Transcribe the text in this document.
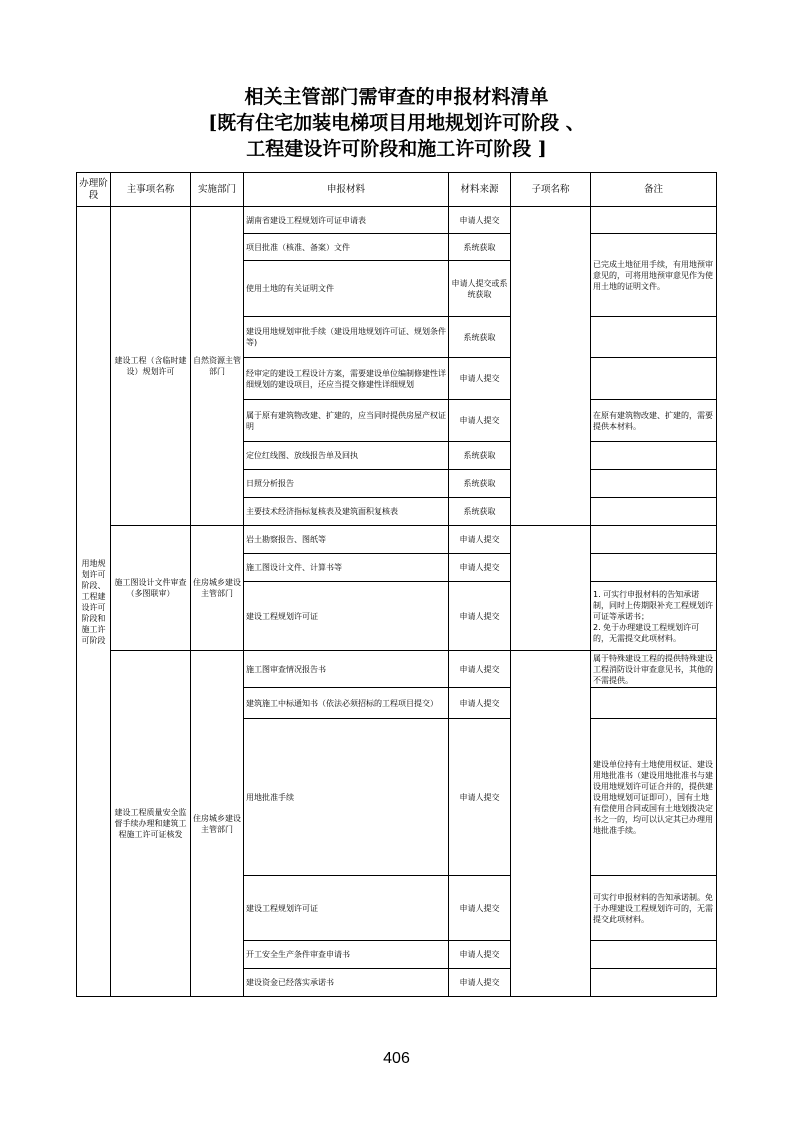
相关主管部门需审查的申报材料清单
[既有住宅加装电梯项目用地规划许可阶段 、
工程建设许可阶段和施工许可阶段 ]
办理阶段	主事项名称	实施部门	申报材料	材料来源	子项名称	备注
用地规划许可阶段、工程建设许可阶段和施工许可阶段	建设工程（含临时建设）规划许可	自然资源主管部门	湖南省建设工程规划许可证申请表	申请人提交		
			项目批准（核准、备案）文件	系统获取		已完成土地征用手续，有用地预审意见的，可将用地预审意见作为使用土地的证明文件。
			使用土地的有关证明文件	申请人提交或系统获取		
			建设用地规划审批手续（建设用地规划许可证、规划条件等)	系统获取		
			经审定的建设工程设计方案，需要建设单位编制修建性详细规划的建设项目，还应当提交修建性详细规划	申请人提交		
			属于原有建筑物改建、扩建的，应当同时提供房屋产权证明	申请人提交		在原有建筑物改建、扩建的，需要提供本材料。
			定位红线图、放线报告单及回执	系统获取		
			日照分析报告	系统获取		
			主要技术经济指标复核表及建筑面积复核表	系统获取		
	施工图设计文件审查（多图联审）	住房城乡建设主管部门	岩土勘察报告、图纸等	申请人提交		
			施工图设计文件、计算书等	申请人提交		
			建设工程规划许可证	申请人提交		1. 可实行申报材料的告知承诺制，同时上传期限补充工程规划许可证等承诺书；
2. 免于办理建设工程规划许可的，无需提交此项材料。
	建设工程质量安全监督手续办理和建筑工程施工许可证核发	住房城乡建设主管部门	施工图审查情况报告书	申请人提交		属于特殊建设工程的提供特殊建设工程消防设计审查意见书，其他的不需提供。
			建筑施工中标通知书（依法必须招标的工程项目提交）	申请人提交		
			用地批准手续	申请人提交		建设单位持有土地使用权证、建设用地批准书（建设用地批准书与建设用地规划许可证合并的，提供建设用地规划可证即可），国有土地有偿使用合同或国有土地划拨决定书之一的，均可以认定其已办理用地批准手续。
			建设工程规划许可证	申请人提交		可实行申报材料的告知承诺制。免于办理建设工程规划许可的，无需提交此项材料。
			开工安全生产条件审查申请书	申请人提交		
			建设资金已经落实承诺书	申请人提交		
406
